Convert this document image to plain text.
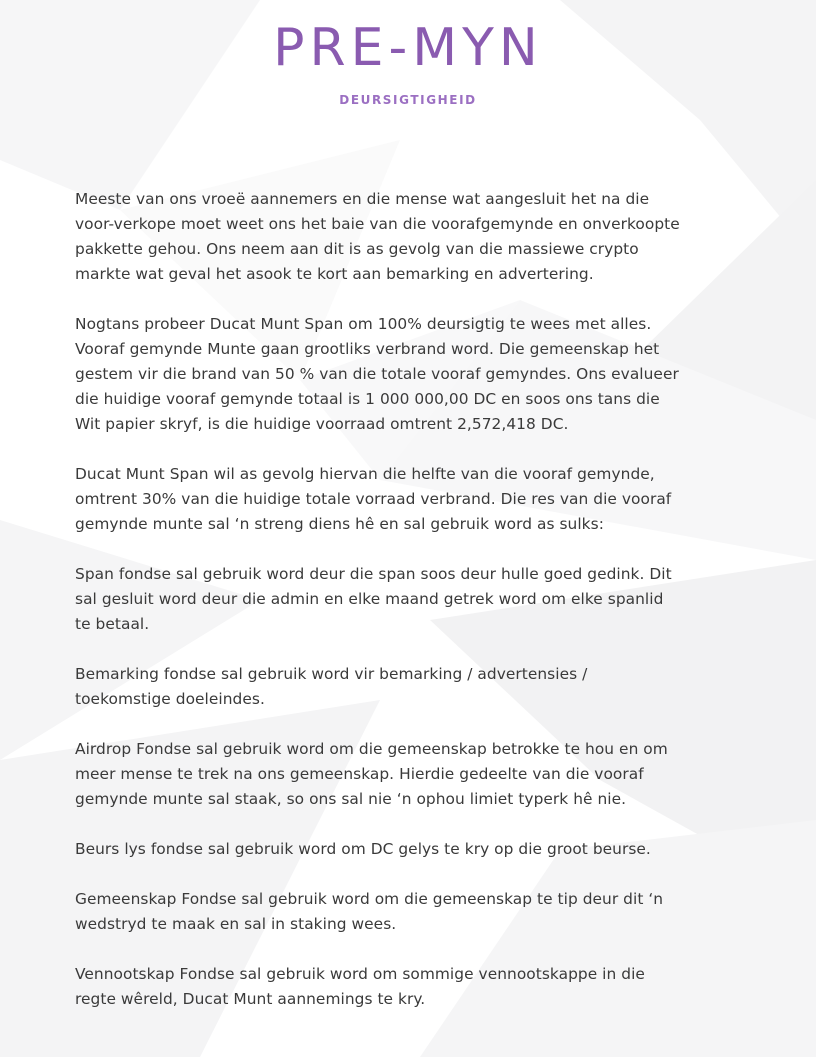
PRE-MYN
DEURSIGTIGHEID

Meeste van ons vroeë aannemers en die mense wat aangesluit het na die
voor-verkope moet weet ons het baie van die voorafgemynde en onverkoopte
pakkette gehou. Ons neem aan dit is as gevolg van die massiewe crypto
markte wat geval het asook te kort aan bemarking en advertering.

Nogtans probeer Ducat Munt Span om 100% deursigtig te wees met alles.
Vooraf gemynde Munte gaan grootliks verbrand word. Die gemeenskap het
gestem vir die brand van 50 % van die totale vooraf gemyndes. Ons evalueer
die huidige vooraf gemynde totaal is 1 000 000,00 DC en soos ons tans die
Wit papier skryf, is die huidige voorraad omtrent 2,572,418 DC.

Ducat Munt Span wil as gevolg hiervan die helfte van die vooraf gemynde,
omtrent 30% van die huidige totale vorraad verbrand. Die res van die vooraf
gemynde munte sal ‘n streng diens hê en sal gebruik word as sulks:

Span fondse sal gebruik word deur die span soos deur hulle goed gedink. Dit
sal gesluit word deur die admin en elke maand getrek word om elke spanlid
te betaal.

Bemarking fondse sal gebruik word vir bemarking / advertensies /
toekomstige doeleindes.

Airdrop Fondse sal gebruik word om die gemeenskap betrokke te hou en om
meer mense te trek na ons gemeenskap. Hierdie gedeelte van die vooraf
gemynde munte sal staak, so ons sal nie ‘n ophou limiet typerk hê nie.

Beurs lys fondse sal gebruik word om DC gelys te kry op die groot beurse.

Gemeenskap Fondse sal gebruik word om die gemeenskap te tip deur dit ‘n
wedstryd te maak en sal in staking wees.

Vennootskap Fondse sal gebruik word om sommige vennootskappe in die
regte wêreld, Ducat Munt aannemings te kry.
